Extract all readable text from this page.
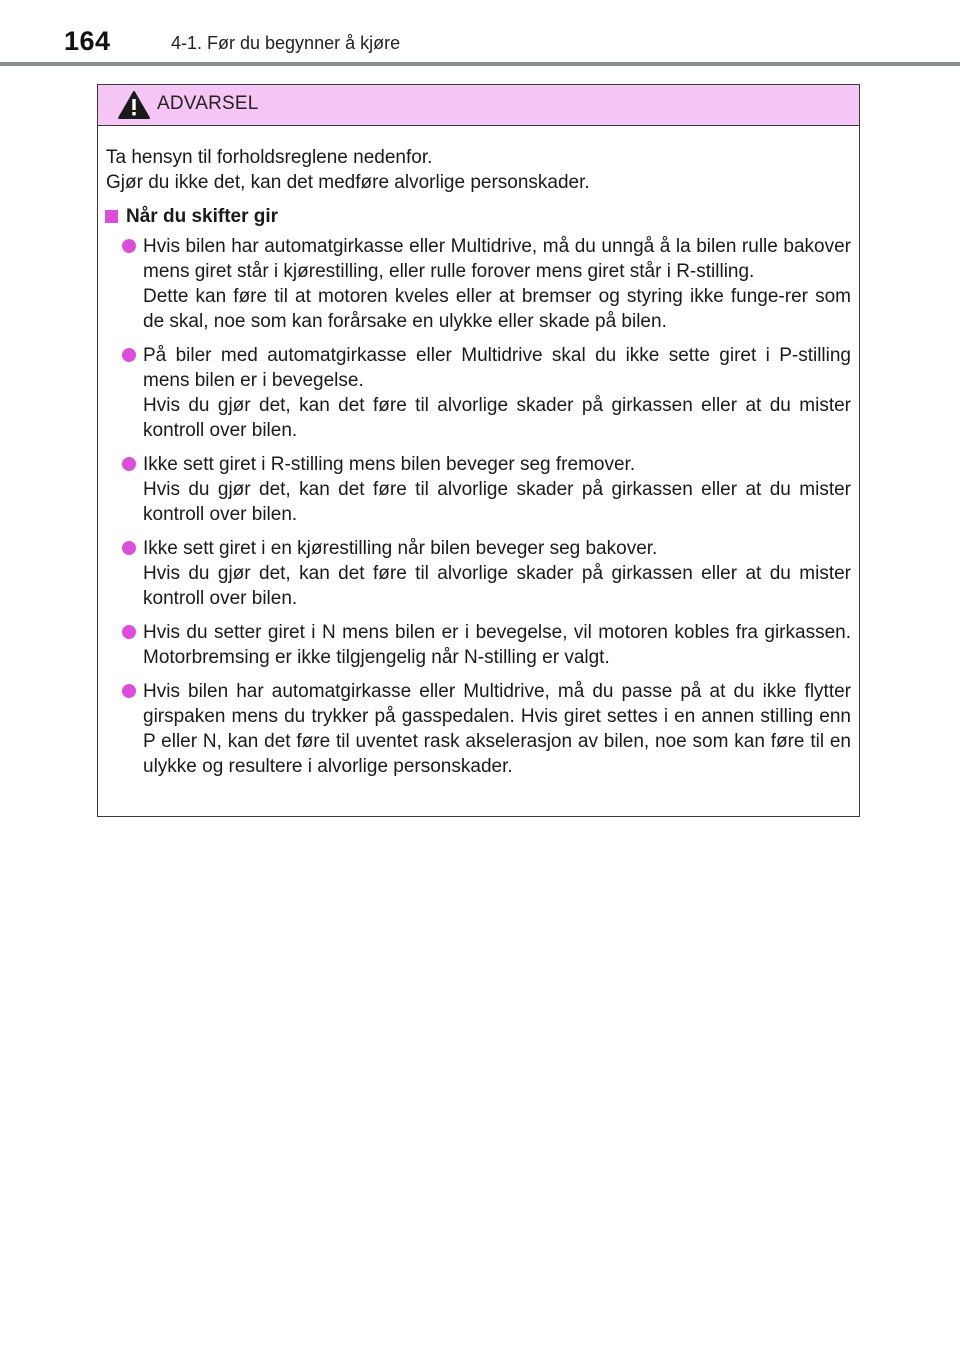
164	4-1. Før du begynner å kjøre
ADVARSEL

Ta hensyn til forholdsreglene nedenfor.

Gjør du ikke det, kan det medføre alvorlige personskader.

Når du skifter gir

Hvis bilen har automatgirkasse eller Multidrive, må du unngå å la bilen rulle bakover mens giret står i kjørestilling, eller rulle forover mens giret står i R-stilling.

Dette kan føre til at motoren kveles eller at bremser og styring ikke funge-rer som de skal, noe som kan forårsake en ulykke eller skade på bilen.

På biler med automatgirkasse eller Multidrive skal du ikke sette giret i P-stilling mens bilen er i bevegelse.

Hvis du gjør det, kan det føre til alvorlige skader på girkassen eller at du mister kontroll over bilen.

Ikke sett giret i R-stilling mens bilen beveger seg fremover.

Hvis du gjør det, kan det føre til alvorlige skader på girkassen eller at du mister kontroll over bilen.

Ikke sett giret i en kjørestilling når bilen beveger seg bakover.

Hvis du gjør det, kan det føre til alvorlige skader på girkassen eller at du mister kontroll over bilen.

Hvis du setter giret i N mens bilen er i bevegelse, vil motoren kobles fra girkassen. Motorbremsing er ikke tilgjengelig når N-stilling er valgt.

Hvis bilen har automatgirkasse eller Multidrive, må du passe på at du ikke flytter girspaken mens du trykker på gasspedalen. Hvis giret settes i en annen stilling enn P eller N, kan det føre til uventet rask akselerasjon av bilen, noe som kan føre til en ulykke og resultere i alvorlige personskader.
